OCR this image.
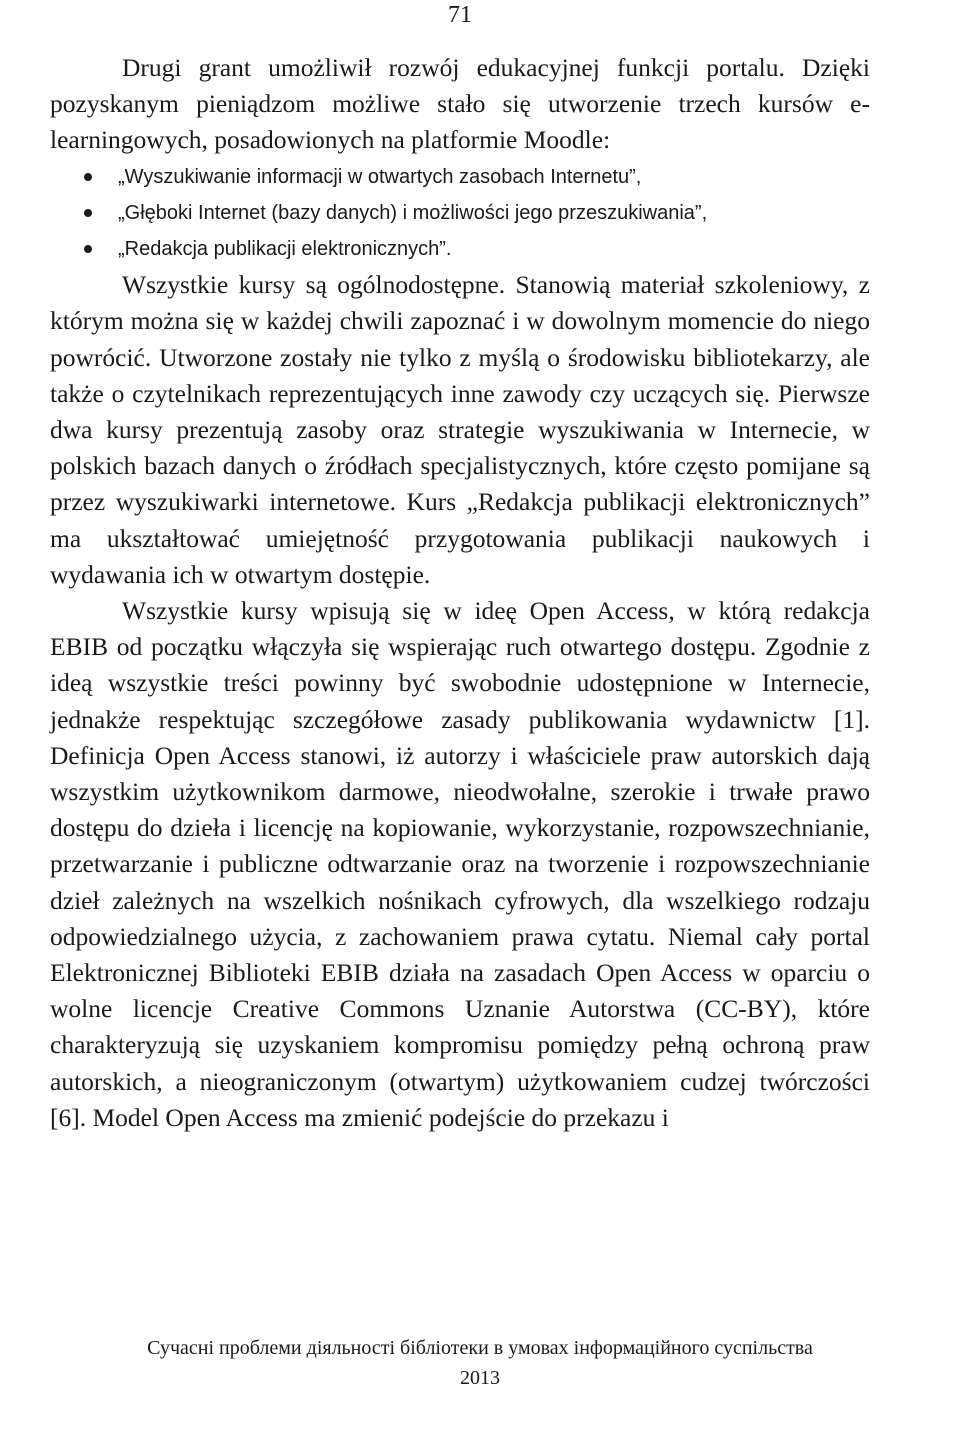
71

Drugi grant umożliwił rozwój edukacyjnej funkcji portalu. Dzięki pozyskanym pieniądzom możliwe stało się utworzenie trzech kursów e-learningowych, posadowionych na platformie Moodle:

„Wyszukiwanie informacji w otwartych zasobach Internetu”,
„Głęboki Internet (bazy danych) i możliwości jego przeszukiwania”,
„Redakcja publikacji elektronicznych”.

Wszystkie kursy są ogólnodostępne. Stanowią materiał szkoleniowy, z którym można się w każdej chwili zapoznać i w dowolnym momencie do niego powrócić. Utworzone zostały nie tylko z myślą o środowisku bibliotekarzy, ale także o czytelnikach reprezentujących inne zawody czy uczących się. Pierwsze dwa kursy prezentują zasoby oraz strategie wyszukiwania w Internecie, w polskich bazach danych o źródłach specjalistycznych, które często pomijane są przez wyszukiwarki internetowe. Kurs „Redakcja publikacji elektronicznych” ma ukształtować umiejętność przygotowania publikacji naukowych i wydawania ich w otwartym dostępie.

Wszystkie kursy wpisują się w ideę Open Access, w którą redakcja EBIB od początku włączyła się wspierając ruch otwartego dostępu. Zgodnie z ideą wszystkie treści powinny być swobodnie udostępnione w Internecie, jednakże respektując szczegółowe zasady publikowania wydawnictw [1]. Definicja Open Access stanowi, iż autorzy i właściciele praw autorskich dają wszystkim użytkownikom darmowe, nieodwołalne, szerokie i trwałe prawo dostępu do dzieła i licencję na kopiowanie, wykorzystanie, rozpowszechnianie, przetwarzanie i publiczne odtwarzanie oraz na tworzenie i rozpowszechnianie dzieł zależnych na wszelkich nośnikach cyfrowych, dla wszelkiego rodzaju odpowiedzialnego użycia, z zachowaniem prawa cytatu. Niemal cały portal Elektronicznej Biblioteki EBIB działa na zasadach Open Access w oparciu o wolne licencje Creative Commons Uznanie Autorstwa (CC-BY), które charakteryzują się uzyskaniem kompromisu pomiędzy pełną ochroną praw autorskich, a nieograniczonym (otwartym) użytkowaniem cudzej twórczości [6]. Model Open Access ma zmienić podejście do przekazu i

Сучасні проблеми діяльності бібліотеки в умовах інформаційного суспільства
2013
